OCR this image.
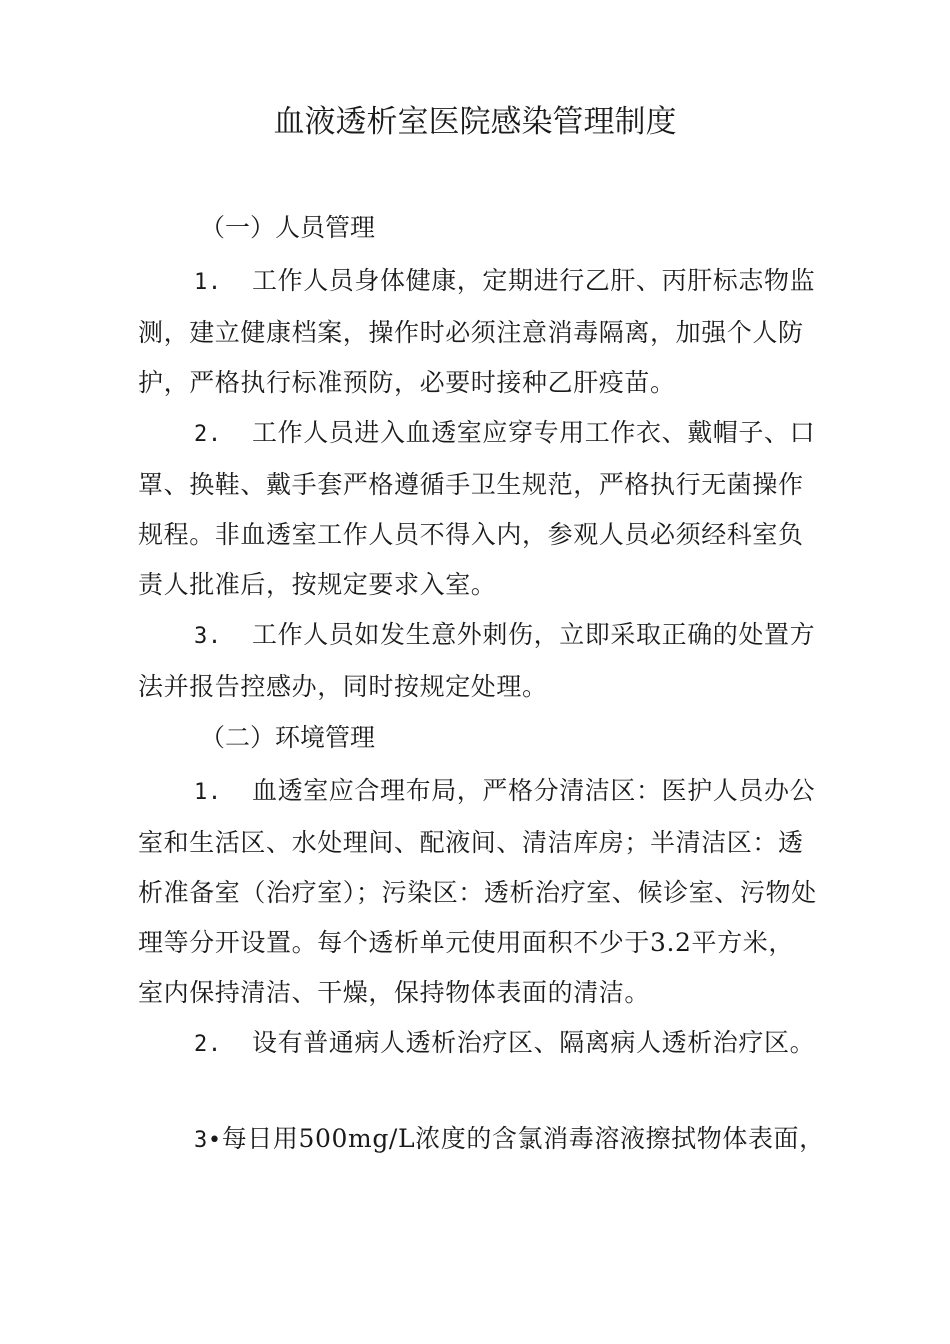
血液透析室医院感染管理制度

（一）人员管理

1. 工作人员身体健康，定期进行乙肝、丙肝标志物监测，建立健康档案，操作时必须注意消毒隔离，加强个人防护，严格执行标准预防，必要时接种乙肝疫苗。

2. 工作人员进入血透室应穿专用工作衣、戴帽子、口罩、换鞋、戴手套严格遵循手卫生规范，严格执行无菌操作规程。非血透室工作人员不得入内，参观人员必须经科室负责人批准后，按规定要求入室。

3. 工作人员如发生意外刺伤，立即采取正确的处置方法并报告控感办，同时按规定处理。

（二）环境管理

1. 血透室应合理布局，严格分清洁区：医护人员办公室和生活区、水处理间、配液间、清洁库房；半清洁区：透析准备室（治疗室）；污染区：透析治疗室、候诊室、污物处理等分开设置。每个透析单元使用面积不少于3.2平方米，室内保持清洁、干燥，保持物体表面的清洁。

2. 设有普通病人透析治疗区、隔离病人透析治疗区。

3•每日用500mg/L浓度的含氯消毒溶液擦拭物体表面，
